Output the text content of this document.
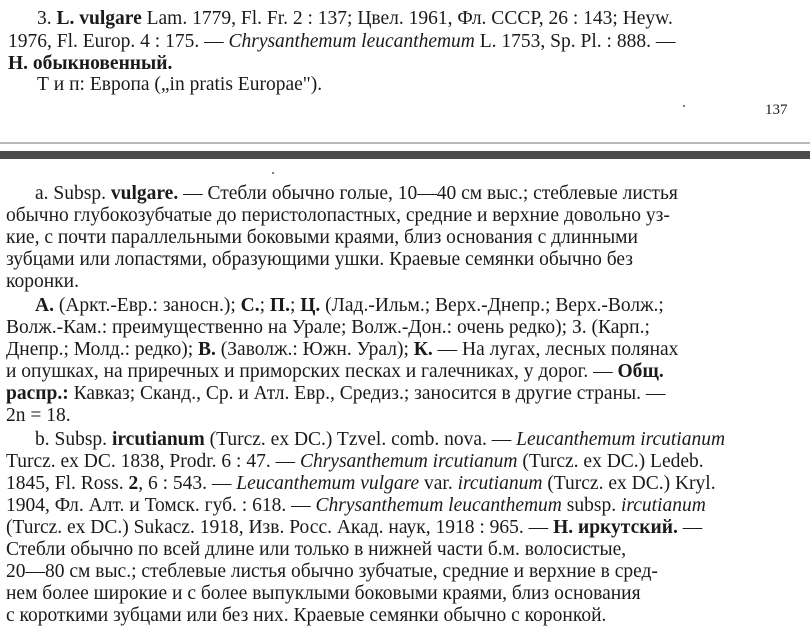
3. L. vulgare Lam. 1779, Fl. Fr. 2 : 137; Цвел. 1961, Фл. СССР, 26 : 143; Heyw.
1976, Fl. Europ. 4 : 175. — Chrysanthemum leucanthemum L. 1753, Sp. Pl. : 888. —
Н. обыкновенный.
Т и п: Европа („in pratis Europae").
137
a. Subsp. vulgare. — Стебли обычно голые, 10—40 см выс.; стеблевые листья
обычно глубокозубчатые до перистолопастных, средние и верхние довольно уз-
кие, с почти параллельными боковыми краями, близ основания с длинными
зубцами или лопастями, образующими ушки. Краевые семянки обычно без
коронки.
А. (Аркт.-Евр.: заносн.); С.; П.; Ц. (Лад.-Ильм.; Верх.-Днепр.; Верх.-Волж.;
Волж.-Кам.: преимущественно на Урале; Волж.-Дон.: очень редко); З. (Карп.;
Днепр.; Молд.: редко); В. (Заволж.: Южн. Урал); К. — На лугах, лесных полянах
и опушках, на приречных и приморских песках и галечниках, у дорог. — Общ.
распр.: Кавказ; Сканд., Ср. и Атл. Евр., Средиз.; заносится в другие страны. —
2n = 18.
b. Subsp. ircutianum (Turcz. ex DC.) Tzvel. comb. nova. — Leucanthemum ircutianum
Turcz. ex DC. 1838, Prodr. 6 : 47. — Chrysanthemum ircutianum (Turcz. ex DC.) Ledeb.
1845, Fl. Ross. 2, 6 : 543. — Leucanthemum vulgare var. ircutianum (Turcz. ex DC.) Kryl.
1904, Фл. Алт. и Томск. губ. : 618. — Chrysanthemum leucanthemum subsp. ircutianum
(Turcz. ex DC.) Sukacz. 1918, Изв. Росс. Акад. наук, 1918 : 965. — Н. иркутский. —
Стебли обычно по всей длине или только в нижней части б.м. волосистые,
20—80 см выс.; стеблевые листья обычно зубчатые, средние и верхние в сред-
нем более широкие и с более выпуклыми боковыми краями, близ основания
с короткими зубцами или без них. Краевые семянки обычно с коронкой.
